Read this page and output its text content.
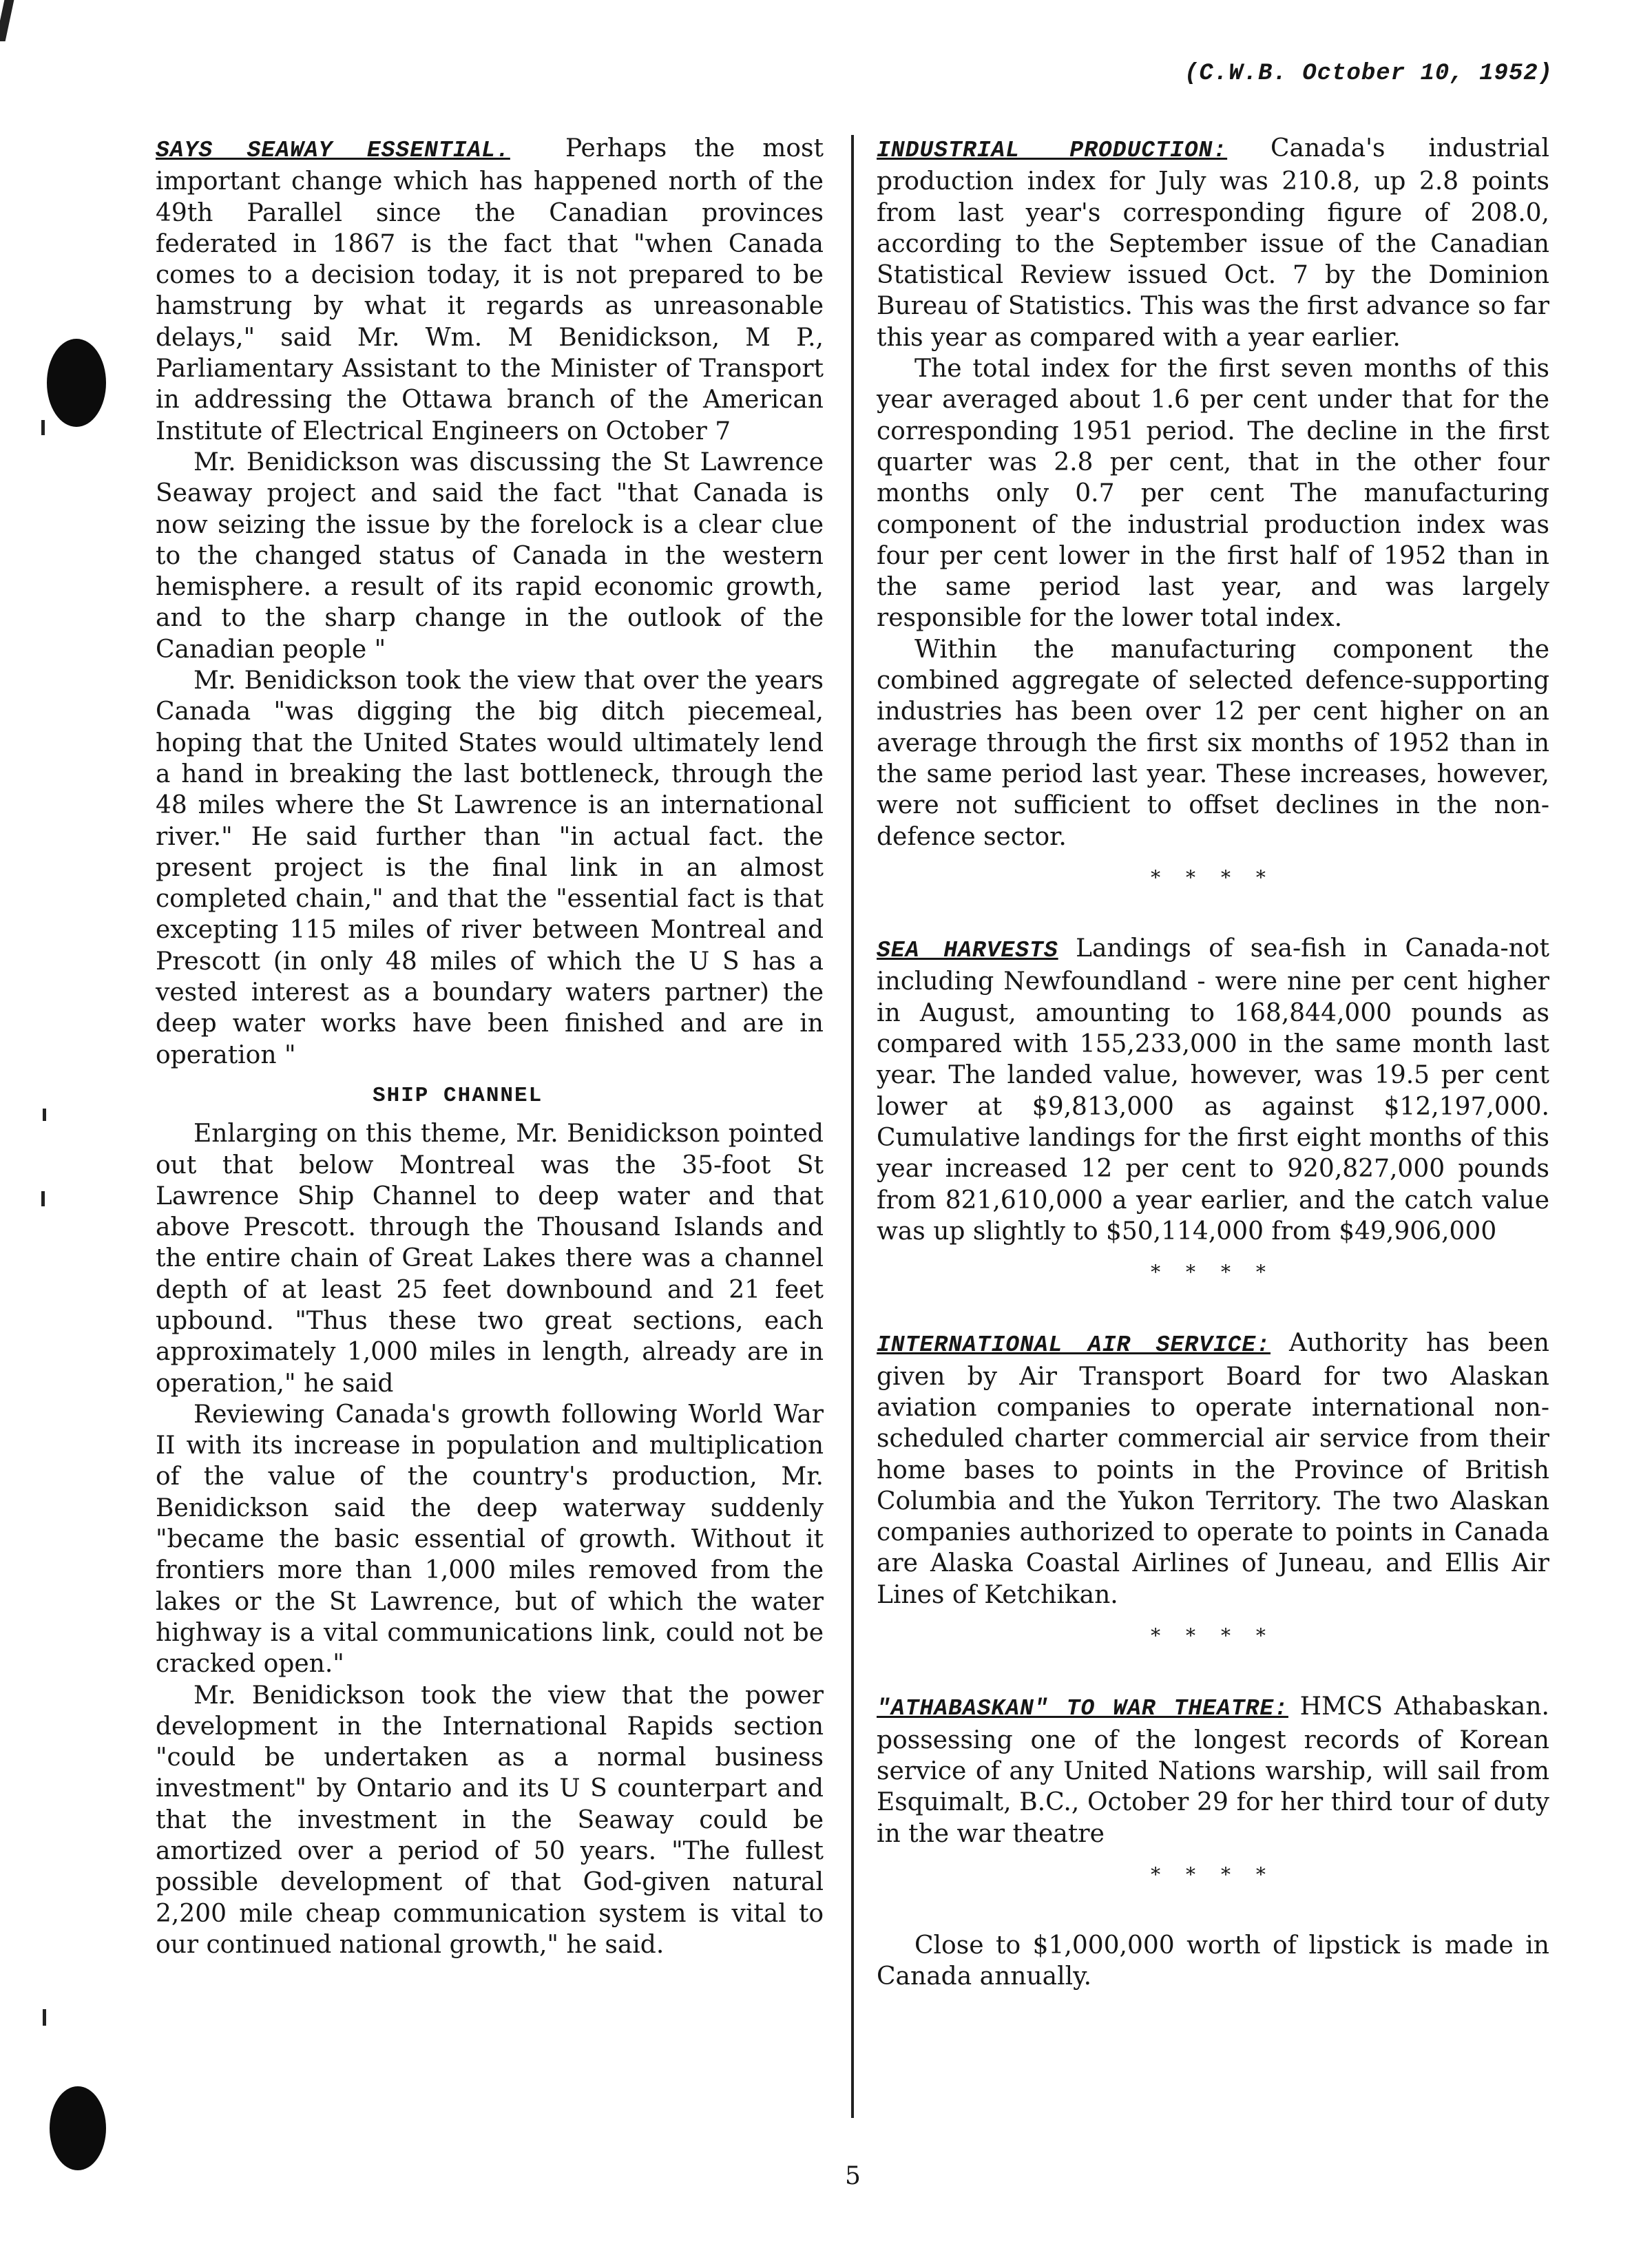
(C.W.B. October 10, 1952)

SAYS SEAWAY ESSENTIAL. Perhaps the most important change which has happened north of the 49th Parallel since the Canadian provinces federated in 1867 is the fact that "when Canada comes to a decision today, it is not prepared to be hamstrung by what it regards as unreasonable delays," said Mr. Wm. M Benidickson, M P., Parliamentary Assistant to the Minister of Transport in addressing the Ottawa branch of the American Institute of Electrical Engineers on October 7

Mr. Benidickson was discussing the St Lawrence Seaway project and said the fact "that Canada is now seizing the issue by the forelock is a clear clue to the changed status of Canada in the western hemisphere. a result of its rapid economic growth, and to the sharp change in the outlook of the Canadian people "

Mr. Benidickson took the view that over the years Canada "was digging the big ditch piecemeal, hoping that the United States would ultimately lend a hand in breaking the last bottleneck, through the 48 miles where the St Lawrence is an international river." He said further than "in actual fact. the present project is the final link in an almost completed chain," and that the "essential fact is that excepting 115 miles of river between Montreal and Prescott (in only 48 miles of which the U S has a vested interest as a boundary waters partner) the deep water works have been finished and are in operation "

SHIP CHANNEL

Enlarging on this theme, Mr. Benidickson pointed out that below Montreal was the 35-foot St Lawrence Ship Channel to deep water and that above Prescott. through the Thousand Islands and the entire chain of Great Lakes there was a channel depth of at least 25 feet downbound and 21 feet upbound. "Thus these two great sections, each approximately 1,000 miles in length, already are in operation," he said

Reviewing Canada's growth following World War II with its increase in population and multiplication of the value of the country's production, Mr. Benidickson said the deep waterway suddenly "became the basic essential of growth. Without it frontiers more than 1,000 miles removed from the lakes or the St Lawrence, but of which the water highway is a vital communications link, could not be cracked open."

Mr. Benidickson took the view that the power development in the International Rapids section "could be undertaken as a normal business investment" by Ontario and its U S counterpart and that the investment in the Seaway could be amortized over a period of 50 years. "The fullest possible development of that God-given natural 2,200 mile cheap communication system is vital to our continued national growth," he said.

INDUSTRIAL PRODUCTION: Canada's industrial production index for July was 210.8, up 2.8 points from last year's corresponding figure of 208.0, according to the September issue of the Canadian Statistical Review issued Oct. 7 by the Dominion Bureau of Statistics. This was the first advance so far this year as compared with a year earlier.

The total index for the first seven months of this year averaged about 1.6 per cent under that for the corresponding 1951 period. The decline in the first quarter was 2.8 per cent, that in the other four months only 0.7 per cent The manufacturing component of the industrial production index was four per cent lower in the first half of 1952 than in the same period last year, and was largely responsible for the lower total index.

Within the manufacturing component the combined aggregate of selected defence-supporting industries has been over 12 per cent higher on an average through the first six months of 1952 than in the same period last year. These increases, however, were not sufficient to offset declines in the non-defence sector.

* * * *

SEA HARVESTS Landings of sea-fish in Canada-not including Newfoundland - were nine per cent higher in August, amounting to 168,844,000 pounds as compared with 155,233,000 in the same month last year. The landed value, however, was 19.5 per cent lower at $9,813,000 as against $12,197,000. Cumulative landings for the first eight months of this year increased 12 per cent to 920,827,000 pounds from 821,610,000 a year earlier, and the catch value was up slightly to $50,114,000 from $49,906,000

* * * *

INTERNATIONAL AIR SERVICE: Authority has been given by Air Transport Board for two Alaskan aviation companies to operate international non-scheduled charter commercial air service from their home bases to points in the Province of British Columbia and the Yukon Territory. The two Alaskan companies authorized to operate to points in Canada are Alaska Coastal Airlines of Juneau, and Ellis Air Lines of Ketchikan.

* * * *

"ATHABASKAN" TO WAR THEATRE: HMCS Athabaskan. possessing one of the longest records of Korean service of any United Nations warship, will sail from Esquimalt, B.C., October 29 for her third tour of duty in the war theatre

* * * *

Close to $1,000,000 worth of lipstick is made in Canada annually.

5
